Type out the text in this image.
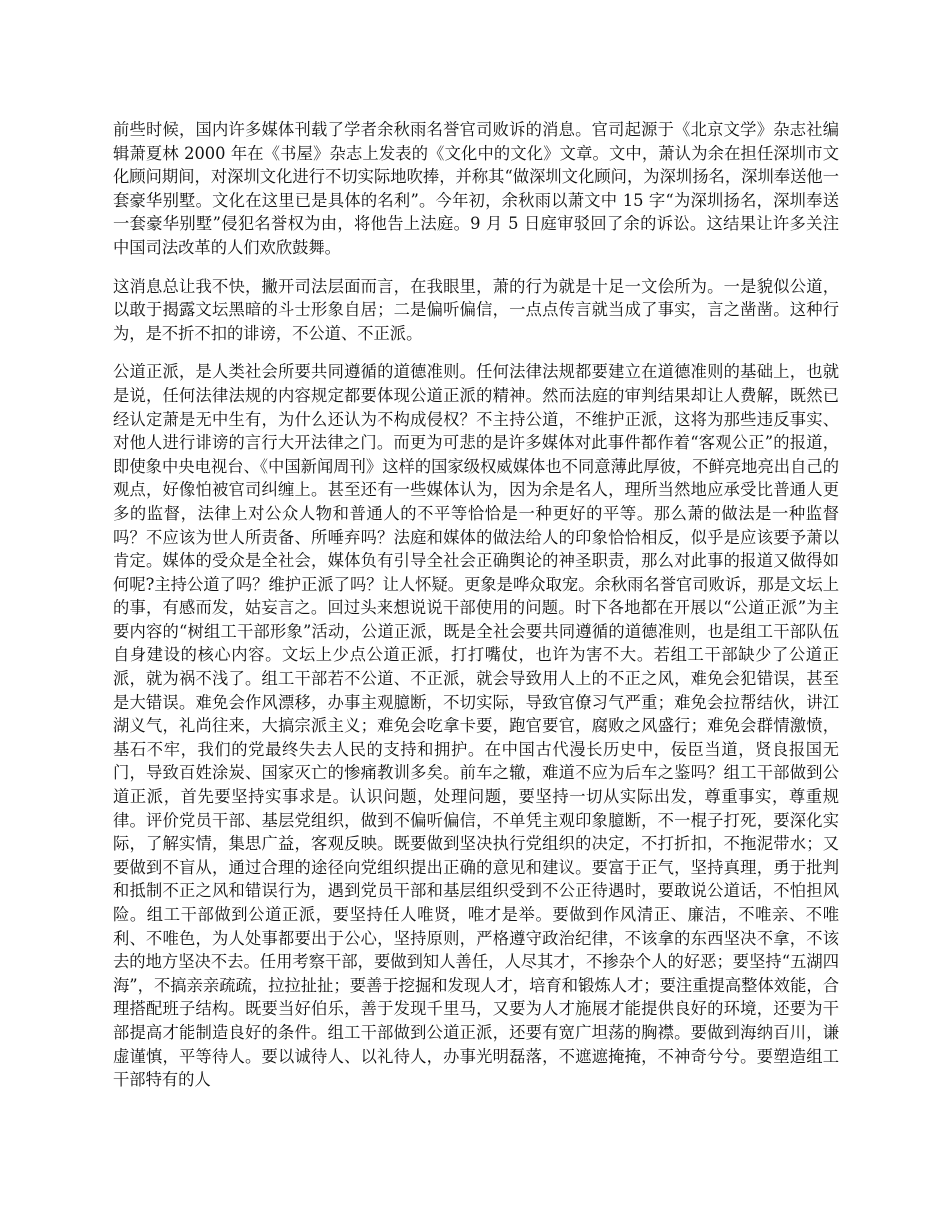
前些时候，国内许多媒体刊载了学者余秋雨名誉官司败诉的消息。官司起源于《北京文学》杂志社编辑萧夏林 2000 年在《书屋》杂志上发表的《文化中的文化》文章。文中，萧认为余在担任深圳市文化顾问期间，对深圳文化进行不切实际地吹捧，并称其“做深圳文化顾问，为深圳扬名，深圳奉送他一套豪华别墅。文化在这里已是具体的名利”。今年初，余秋雨以萧文中 15 字“为深圳扬名，深圳奉送一套豪华别墅”侵犯名誉权为由，将他告上法庭。9 月 5 日庭审驳回了余的诉讼。这结果让许多关注中国司法改革的人们欢欣鼓舞。

这消息总让我不快，撇开司法层面而言，在我眼里，萧的行为就是十足一文侩所为。一是貌似公道，以敢于揭露文坛黑暗的斗士形象自居；二是偏听偏信，一点点传言就当成了事实，言之凿凿。这种行为，是不折不扣的诽谤，不公道、不正派。

公道正派，是人类社会所要共同遵循的道德准则。任何法律法规都要建立在道德准则的基础上，也就是说，任何法律法规的内容规定都要体现公道正派的精神。然而法庭的审判结果却让人费解，既然已经认定萧是无中生有，为什么还认为不构成侵权？不主持公道，不维护正派，这将为那些违反事实、对他人进行诽谤的言行大开法律之门。而更为可悲的是许多媒体对此事件都作着“客观公正”的报道，即使象中央电视台、《中国新闻周刊》这样的国家级权威媒体也不同意薄此厚彼，不鲜亮地亮出自己的观点，好像怕被官司纠缠上。甚至还有一些媒体认为，因为余是名人，理所当然地应承受比普通人更多的监督，法律上对公众人物和普通人的不平等恰恰是一种更好的平等。那么萧的做法是一种监督吗？不应该为世人所责备、所唾弃吗？法庭和媒体的做法给人的印象恰恰相反，似乎是应该要予萧以肯定。媒体的受众是全社会，媒体负有引导全社会正确舆论的神圣职责，那么对此事的报道又做得如何呢?主持公道了吗？维护正派了吗？让人怀疑。更象是哗众取宠。余秋雨名誉官司败诉，那是文坛上的事，有感而发，姑妄言之。回过头来想说说干部使用的问题。时下各地都在开展以“公道正派”为主要内容的“树组工干部形象”活动，公道正派，既是全社会要共同遵循的道德准则，也是组工干部队伍自身建设的核心内容。文坛上少点公道正派，打打嘴仗，也许为害不大。若组工干部缺少了公道正派，就为祸不浅了。组工干部若不公道、不正派，就会导致用人上的不正之风，难免会犯错误，甚至是大错误。难免会作风漂移，办事主观臆断，不切实际，导致官僚习气严重；难免会拉帮结伙，讲江湖义气，礼尚往来，大搞宗派主义；难免会吃拿卡要，跑官要官，腐败之风盛行；难免会群情激愤，基石不牢，我们的党最终失去人民的支持和拥护。在中国古代漫长历史中，佞臣当道，贤良报国无门，导致百姓涂炭、国家灭亡的惨痛教训多矣。前车之辙，难道不应为后车之鉴吗？组工干部做到公道正派，首先要坚持实事求是。认识问题，处理问题，要坚持一切从实际出发，尊重事实，尊重规律。评价党员干部、基层党组织，做到不偏听偏信，不单凭主观印象臆断，不一棍子打死，要深化实际，了解实情，集思广益，客观反映。既要做到坚决执行党组织的决定，不打折扣，不拖泥带水；又要做到不盲从，通过合理的途径向党组织提出正确的意见和建议。要富于正气，坚持真理，勇于批判和抵制不正之风和错误行为，遇到党员干部和基层组织受到不公正待遇时，要敢说公道话，不怕担风险。组工干部做到公道正派，要坚持任人唯贤，唯才是举。要做到作风清正、廉洁，不唯亲、不唯利、不唯色，为人处事都要出于公心，坚持原则，严格遵守政治纪律，不该拿的东西坚决不拿，不该去的地方坚决不去。任用考察干部，要做到知人善任，人尽其才，不掺杂个人的好恶；要坚持“五湖四海”，不搞亲亲疏疏，拉拉扯扯；要善于挖掘和发现人才，培育和锻炼人才；要注重提高整体效能，合理搭配班子结构。既要当好伯乐，善于发现千里马，又要为人才施展才能提供良好的环境，还要为干部提高才能制造良好的条件。组工干部做到公道正派，还要有宽广坦荡的胸襟。要做到海纳百川，谦虚谨慎，平等待人。要以诚待人、以礼待人，办事光明磊落，不遮遮掩掩，不神奇兮兮。要塑造组工干部特有的人
